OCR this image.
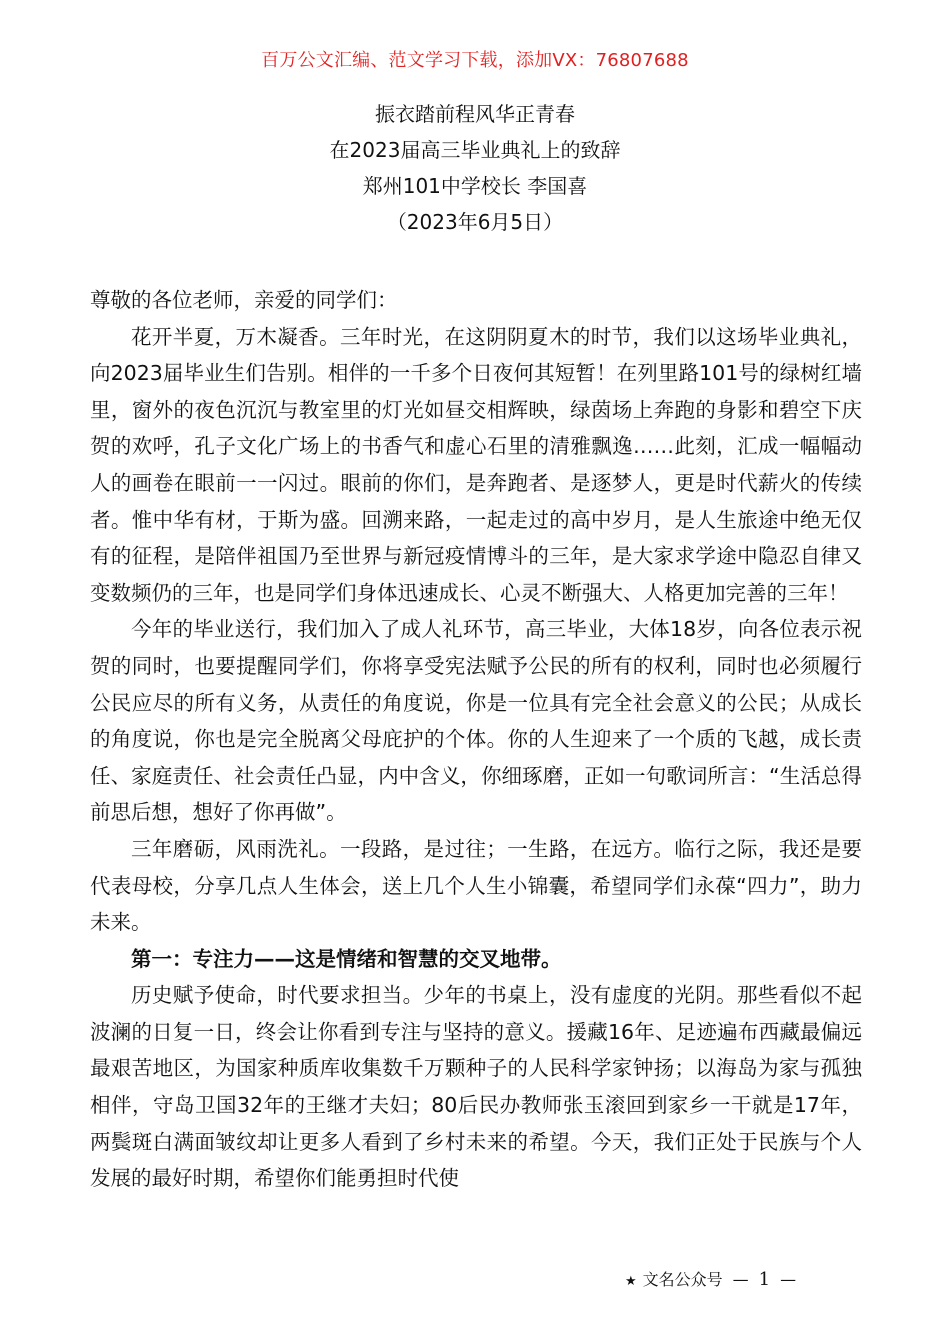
百万公文汇编、范文学习下载，添加VX：76807688
振衣踏前程风华正青春
在2023届高三毕业典礼上的致辞
郑州101中学校长 李国喜
（2023年6月5日）

尊敬的各位老师，亲爱的同学们：

花开半夏，万木凝香。三年时光，在这阴阴夏木的时节，我们以这场毕业典礼，向2023届毕业生们告别。相伴的一千多个日夜何其短暂！在列里路101号的绿树红墙里，窗外的夜色沉沉与教室里的灯光如昼交相辉映，绿茵场上奔跑的身影和碧空下庆贺的欢呼，孔子文化广场上的书香气和虚心石里的清雅飘逸……此刻，汇成一幅幅动人的画卷在眼前一一闪过。眼前的你们，是奔跑者、是逐梦人，更是时代薪火的传续者。惟中华有材，于斯为盛。回溯来路，一起走过的高中岁月，是人生旅途中绝无仅有的征程，是陪伴祖国乃至世界与新冠疫情博斗的三年，是大家求学途中隐忍自律又变数频仍的三年，也是同学们身体迅速成长、心灵不断强大、人格更加完善的三年！

今年的毕业送行，我们加入了成人礼环节，高三毕业，大体18岁，向各位表示祝贺的同时，也要提醒同学们，你将享受宪法赋予公民的所有的权利，同时也必须履行公民应尽的所有义务，从责任的角度说，你是一位具有完全社会意义的公民；从成长的角度说，你也是完全脱离父母庇护的个体。你的人生迎来了一个质的飞越，成长责任、家庭责任、社会责任凸显，内中含义，你细琢磨，正如一句歌词所言：“生活总得前思后想，想好了你再做”。

三年磨砺，风雨洗礼。一段路，是过往；一生路，在远方。临行之际，我还是要代表母校，分享几点人生体会，送上几个人生小锦囊，希望同学们永葆“四力”，助力未来。

第一：专注力——这是情绪和智慧的交叉地带。

历史赋予使命，时代要求担当。少年的书桌上，没有虚度的光阴。那些看似不起波澜的日复一日，终会让你看到专注与坚持的意义。援藏16年、足迹遍布西藏最偏远最艰苦地区，为国家种质库收集数千万颗种子的人民科学家钟扬；以海岛为家与孤独相伴，守岛卫国32年的王继才夫妇；80后民办教师张玉滚回到家乡一干就是17年，两鬓斑白满面皱纹却让更多人看到了乡村未来的希望。今天，我们正处于民族与个人发展的最好时期，希望你们能勇担时代使

★ 文名公众号 — 1 —
